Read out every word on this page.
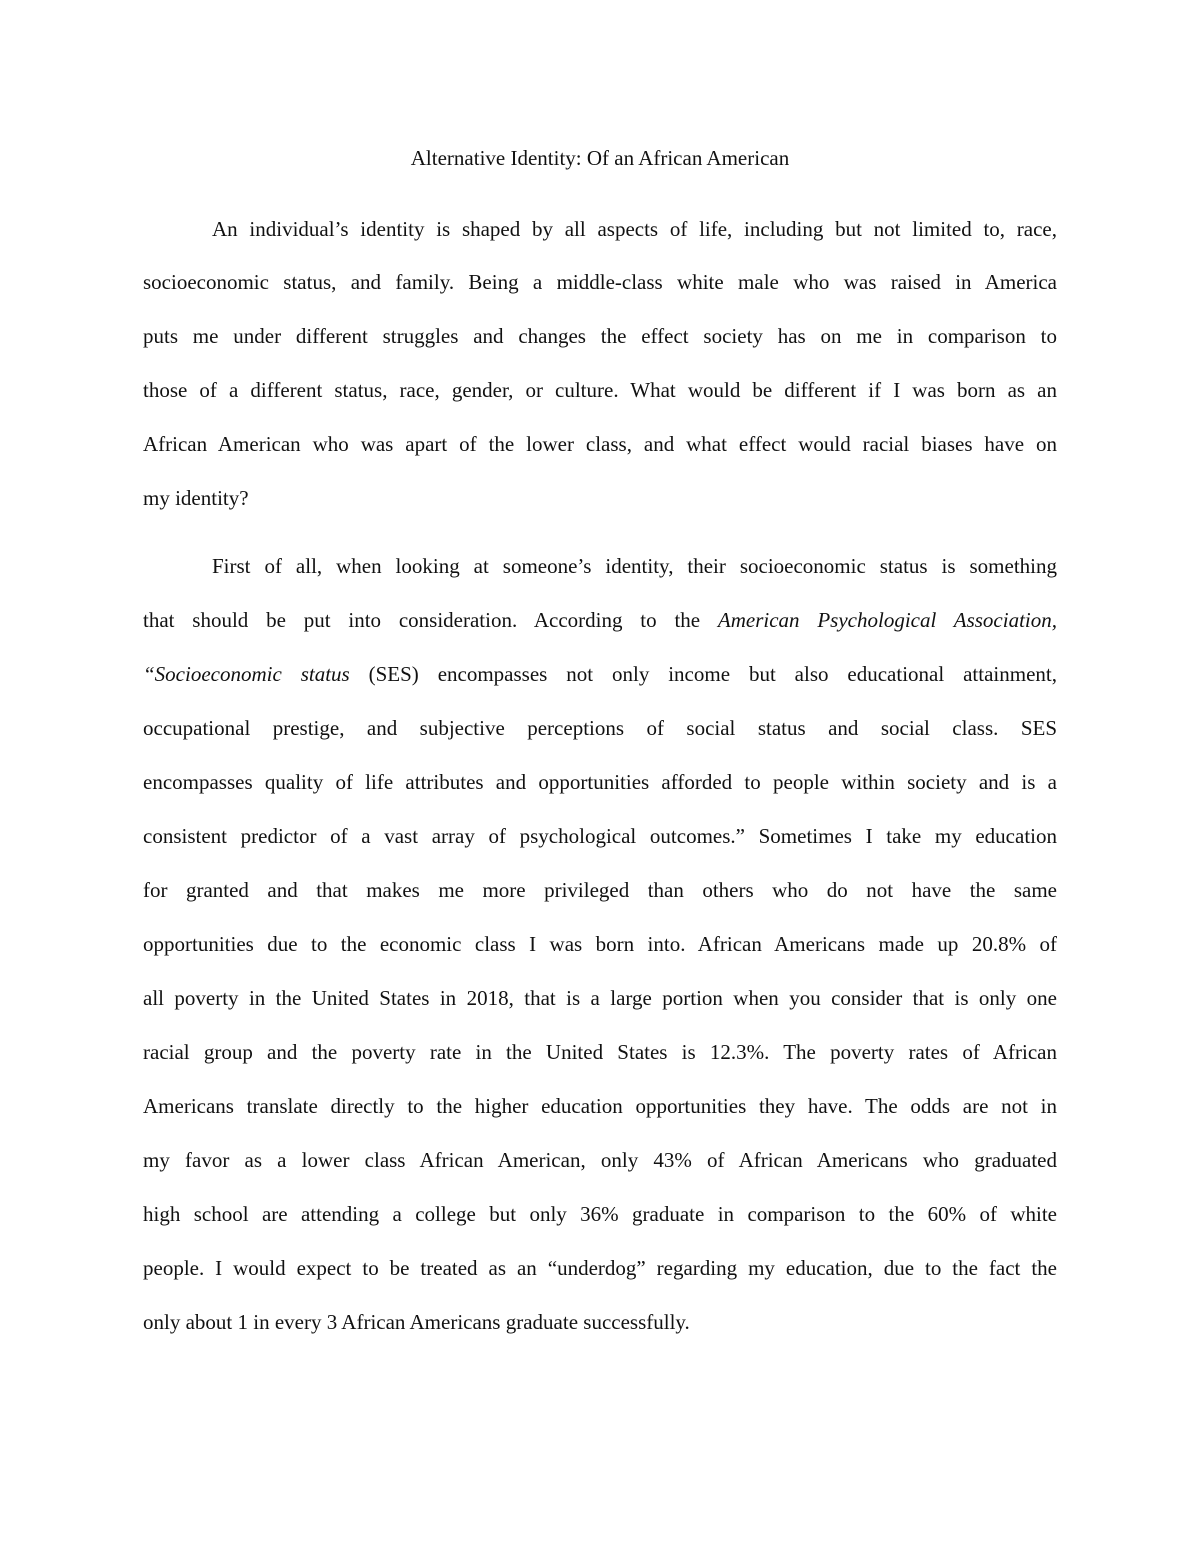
Alternative Identity: Of an African American
An individual’s identity is shaped by all aspects of life, including but not limited to, race,
socioeconomic status, and family. Being a middle-class white male who was raised in America
puts me under different struggles and changes the effect society has on me in comparison to
those of a different status, race, gender, or culture. What would be different if I was born as an
African American who was apart of the lower class, and what effect would racial biases have on
my identity?
First of all, when looking at someone’s identity, their socioeconomic status is something
that should be put into consideration. According to the American Psychological Association,
“Socioeconomic status (SES) encompasses not only income but also educational attainment,
occupational prestige, and subjective perceptions of social status and social class. SES
encompasses quality of life attributes and opportunities afforded to people within society and is a
consistent predictor of a vast array of psychological outcomes.” Sometimes I take my education
for granted and that makes me more privileged than others who do not have the same
opportunities due to the economic class I was born into. African Americans made up 20.8% of
all poverty in the United States in 2018, that is a large portion when you consider that is only one
racial group and the poverty rate in the United States is 12.3%. The poverty rates of African
Americans translate directly to the higher education opportunities they have. The odds are not in
my favor as a lower class African American, only 43% of African Americans who graduated
high school are attending a college but only 36% graduate in comparison to the 60% of white
people. I would expect to be treated as an “underdog” regarding my education, due to the fact the
only about 1 in every 3 African Americans graduate successfully.
